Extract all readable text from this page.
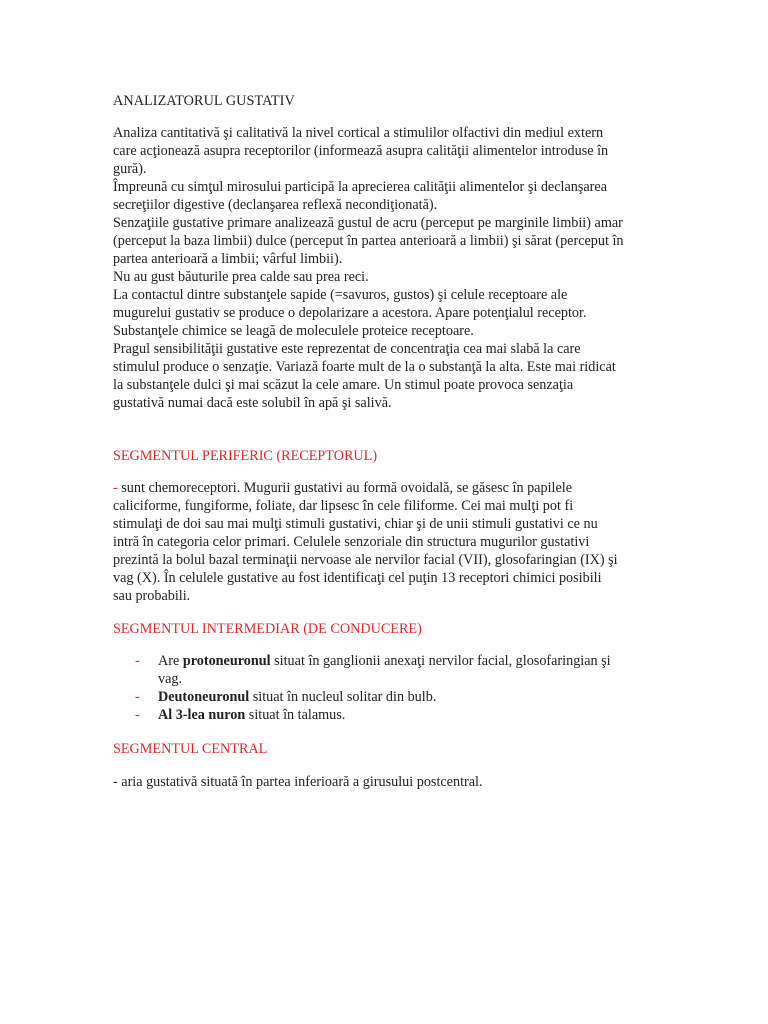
ANALIZATORUL GUSTATIV

Analiza cantitativă şi calitativă la nivel cortical a stimulilor olfactivi din mediul extern
care acţionează asupra receptorilor (informează asupra calităţii alimentelor introduse în
gură).
Împreună cu simţul mirosului participă la aprecierea calităţii alimentelor şi declanşarea
secreţiilor digestive (declanşarea reflexă necondiţionată).
Senzaţiile gustative primare analizează gustul de acru (perceput pe marginile limbii) amar
(perceput la baza limbii) dulce (perceput în partea anterioară a limbii) şi sărat (perceput în
partea anterioară a limbii; vârful limbii).
Nu au gust băuturile prea calde sau prea reci.
La contactul dintre substanţele sapide (=savuros, gustos) şi celule receptoare ale
mugurelui gustativ se produce o depolarizare a acestora. Apare potenţialul receptor.
Substanţele chimice se leagă de moleculele proteice receptoare.
Pragul sensibilităţii gustative este reprezentat de concentraţia cea mai slabă la care
stimulul produce o senzaţie. Variază foarte mult de la o substanţă la alta. Este mai ridicat
la substanţele dulci şi mai scăzut la cele amare. Un stimul poate provoca senzaţia
gustativă numai dacă este solubil în apă şi salivă.

SEGMENTUL PERIFERIC (RECEPTORUL)

- sunt chemoreceptori. Mugurii gustativi au formă ovoidală, se găsesc în papilele
caliciforme, fungiforme, foliate, dar lipsesc în cele filiforme. Cei mai mulţi pot fi
stimulaţi de doi sau mai mulţi stimuli gustativi, chiar şi de unii stimuli gustativi ce nu
intră în categoria celor primari. Celulele senzoriale din structura mugurilor gustativi
prezintă la bolul bazal terminaţii nervoase ale nervilor facial (VII), glosofaringian (IX) şi
vag (X). În celulele gustative au fost identificaţi cel puţin 13 receptori chimici posibili
sau probabili.

SEGMENTUL INTERMEDIAR (DE CONDUCERE)
- Are protoneuronul situat în ganglionii anexaţi nervilor facial, glosofaringian şi
vag.
- Deutoneuronul situat în nucleul solitar din bulb.
- Al 3-lea nuron situat în talamus.
SEGMENTUL CENTRAL

- aria gustativă situată în partea inferioară a girusului postcentral.
